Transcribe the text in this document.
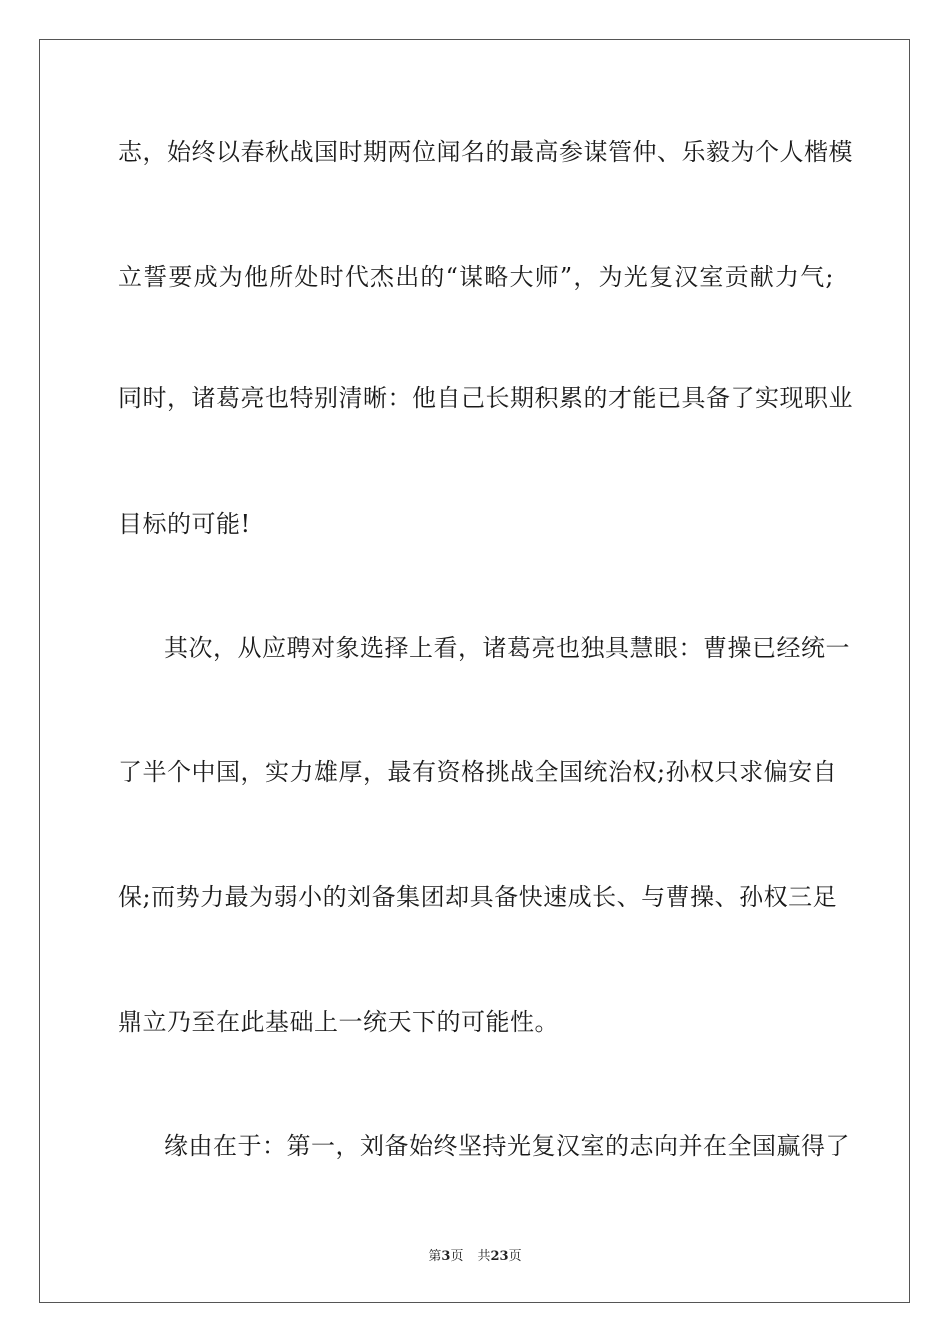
志，始终以春秋战国时期两位闻名的最高参谋管仲、乐毅为个人楷模
立誓要成为他所处时代杰出的“谋略大师”，为光复汉室贡献力气;
同时，诸葛亮也特别清晰：他自己长期积累的才能已具备了实现职业
目标的可能!
其次，从应聘对象选择上看，诸葛亮也独具慧眼：曹操已经统一
了半个中国，实力雄厚，最有资格挑战全国统治权;孙权只求偏安自
保;而势力最为弱小的刘备集团却具备快速成长、与曹操、孙权三足
鼎立乃至在此基础上一统天下的可能性。
缘由在于：第一，刘备始终坚持光复汉室的志向并在全国赢得了
第3页 共23页
